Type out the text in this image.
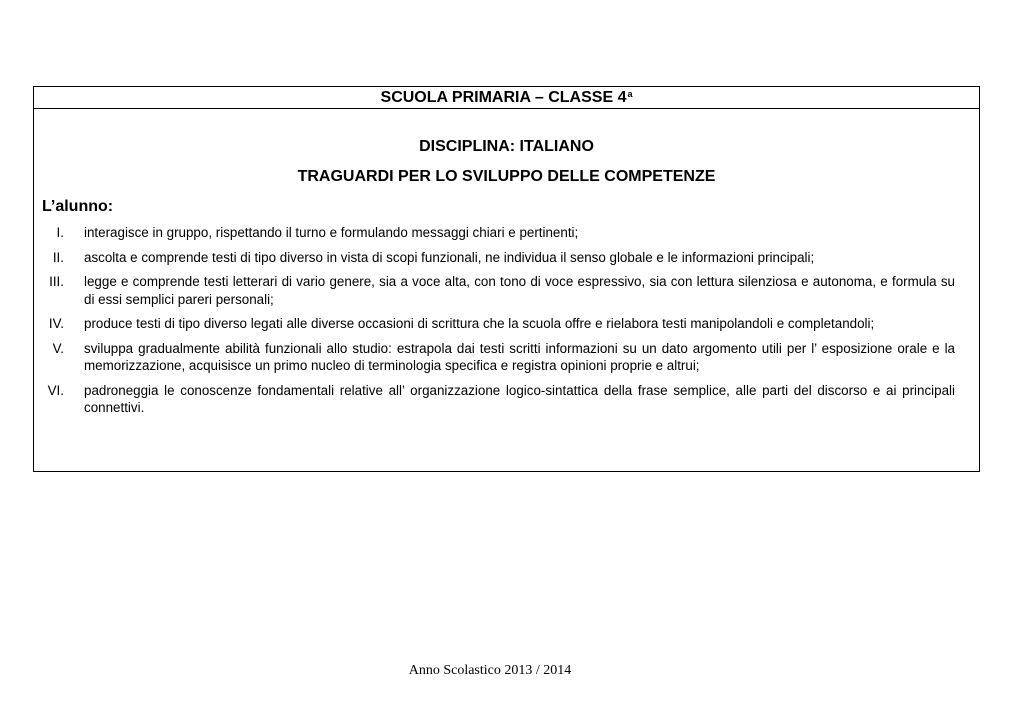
SCUOLA PRIMARIA – CLASSE 4$^a$
DISCIPLINA: ITALIANO
TRAGUARDI PER LO SVILUPPO DELLE COMPETENZE
L’alunno:
I. interagisce in gruppo, rispettando il turno e formulando messaggi chiari e pertinenti;
II. ascolta e comprende testi di tipo diverso in vista di scopi funzionali, ne individua il senso globale e le informazioni principali;
III. legge e comprende testi letterari di vario genere, sia a voce alta, con tono di voce espressivo, sia con lettura silenziosa e autonoma, e formula su di essi semplici pareri personali;
IV. produce testi di tipo diverso legati alle diverse occasioni di scrittura che la scuola offre e rielabora testi manipolandoli e completandoli;
V. sviluppa gradualmente abilità funzionali allo studio: estrapola dai testi scritti informazioni su un dato argomento utili per l’ esposizione orale e la memorizzazione, acquisisce un primo nucleo di terminologia specifica e registra opinioni proprie e altrui;
VI. padroneggia le conoscenze fondamentali relative all’ organizzazione logico-sintattica della frase semplice, alle parti del discorso e ai principali connettivi.
Anno Scolastico 2013 / 2014
